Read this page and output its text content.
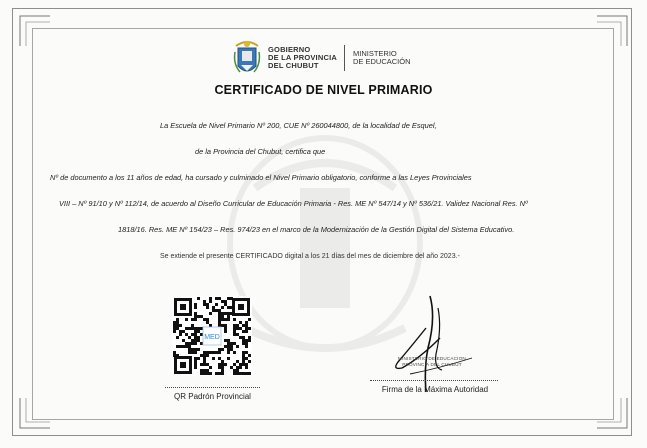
GOBIERNO
DE LA PROVINCIA
DEL CHUBUT
MINISTERIO
DE EDUCACIÓN
CERTIFICADO DE NIVEL PRIMARIO
La Escuela de Nivel Primario Nº 200, CUE Nº 260044800, de la localidad de Esquel,
de la Provincia del Chubut, certifica que
Nº de documento a los 11 años de edad, ha cursado y culminado el Nivel Primario obligatorio, conforme a las Leyes Provinciales
VIII – Nº 91/10 y Nº 112/14, de acuerdo al Diseño Curricular de Educación Primaria - Res. ME Nº 547/14 y Nº 536/21. Validez Nacional Res. Nº
1818/16. Res. ME Nº 154/23 – Res. 974/23 en el marco de la Modernización de la Gestión Digital del Sistema Educativo.
Se extiende el presente CERTIFICADO digital a los 21 días del mes de diciembre del año 2023.-
MED
QR Padrón Provincial
MINISTERIO DE EDUCACION
PROVINCIA DEL CHUBUT
Firma de la Máxima Autoridad
